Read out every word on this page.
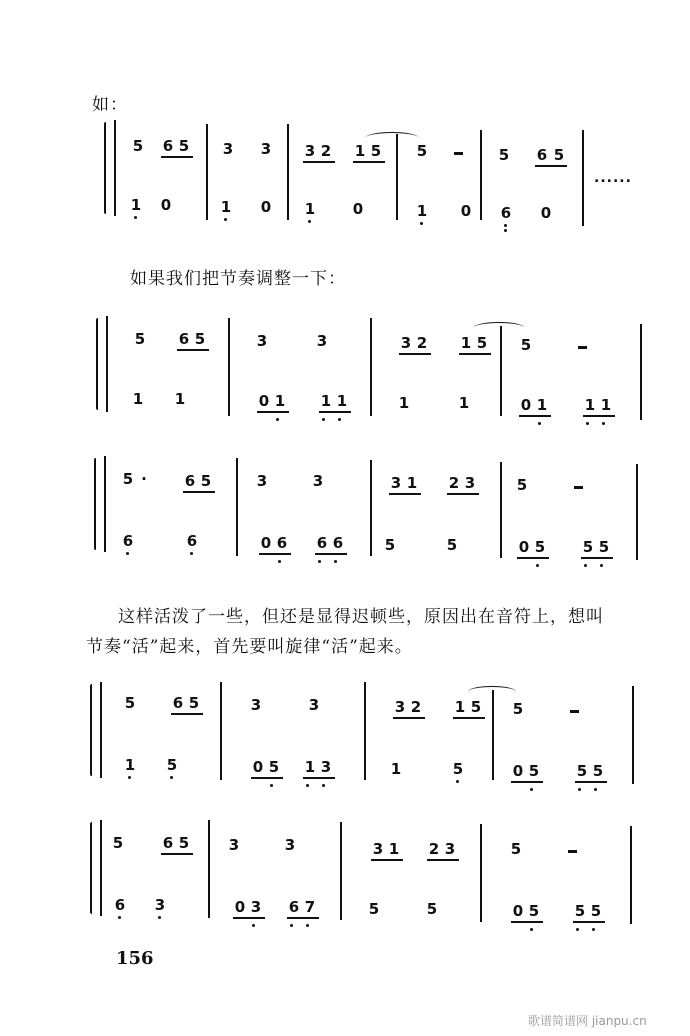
如：
5	6 5	3	3	3 2	1 5	5	5	6 5
......
1	0	1	0	1	0	1	0	6	0
如果我们把节奏调整一下：
5	6 5	3	3	3 2	1 5	5
1	1	0 1	1 1	1	1	0 1	1 1
5 ·	6 5	3	3	3 1	2 3	5
6	6	0 6	6 6	5	5	0 5	5 5
这样活泼了一些，但还是显得迟顿些，原因出在音符上，想叫
节奏“活”起来，首先要叫旋律“活”起来。
5	6 5	3	3	3 2	1 5	5
1	5	0 5	1 3	1	5	0 5	5 5
5	6 5	3	3	3 1	2 3	5
6	3	0 3	6 7	5	5	0 5	5 5
156
歌谱简谱网 jianpu.cn
